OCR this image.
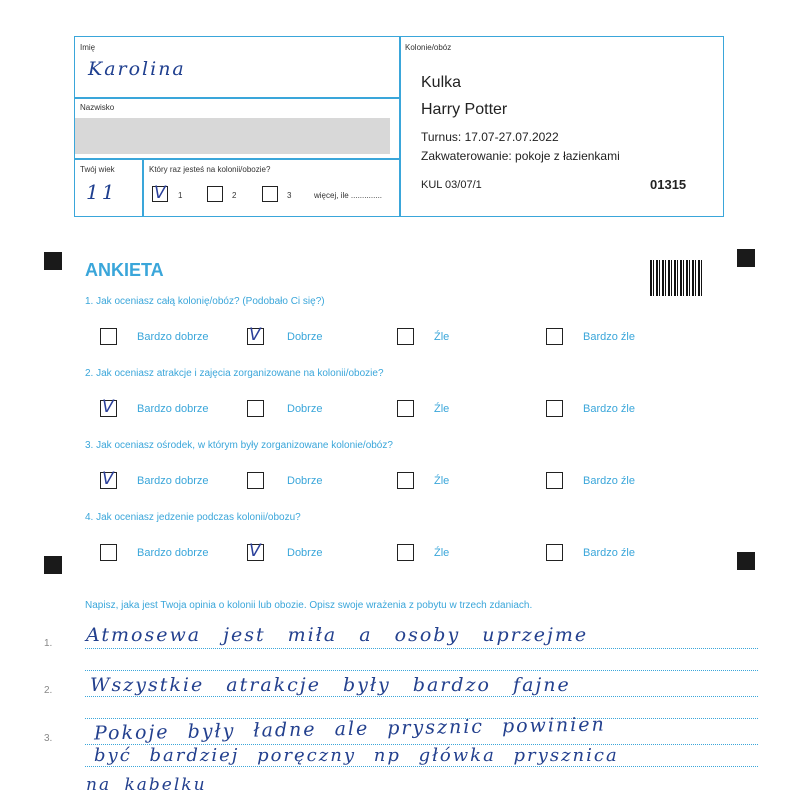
Imię
Karolina
Nazwisko
Twój wiek
11
Który raz jesteś na kolonii/obozie?
V 1	2	3	więcej, ile ..............
Kolonie/obóz
Kulka
Harry Potter
Turnus: 17.07-27.07.2022
Zakwaterowanie: pokoje z łazienkami
KUL 03/07/1	01315
ANKIETA
1. Jak oceniasz całą kolonię/obóz? (Podobało Ci się?)
Bardzo dobrze V Dobrze	Źle	Bardzo źle
2. Jak oceniasz atrakcje i zajęcia zorganizowane na kolonii/obozie?
V Bardzo dobrze	Dobrze	Źle	Bardzo źle
3. Jak oceniasz ośrodek, w którym były zorganizowane kolonie/obóz?
V Bardzo dobrze	Dobrze	Źle	Bardzo źle
4. Jak oceniasz jedzenie podczas kolonii/obozu?
Bardzo dobrze V Dobrze	Źle	Bardzo źle
Napisz, jaka jest Twoja opinia o kolonii lub obozie. Opisz swoje wrażenia z pobytu w trzech zdaniach.
1.
2.
3.
Atmosewa jest miła a osoby uprzejme
Wszystkie atrakcje były bardzo fajne
Pokoje były ładne ale prysznic powinien
być bardziej poręczny np główka prysznica
na kabelku
